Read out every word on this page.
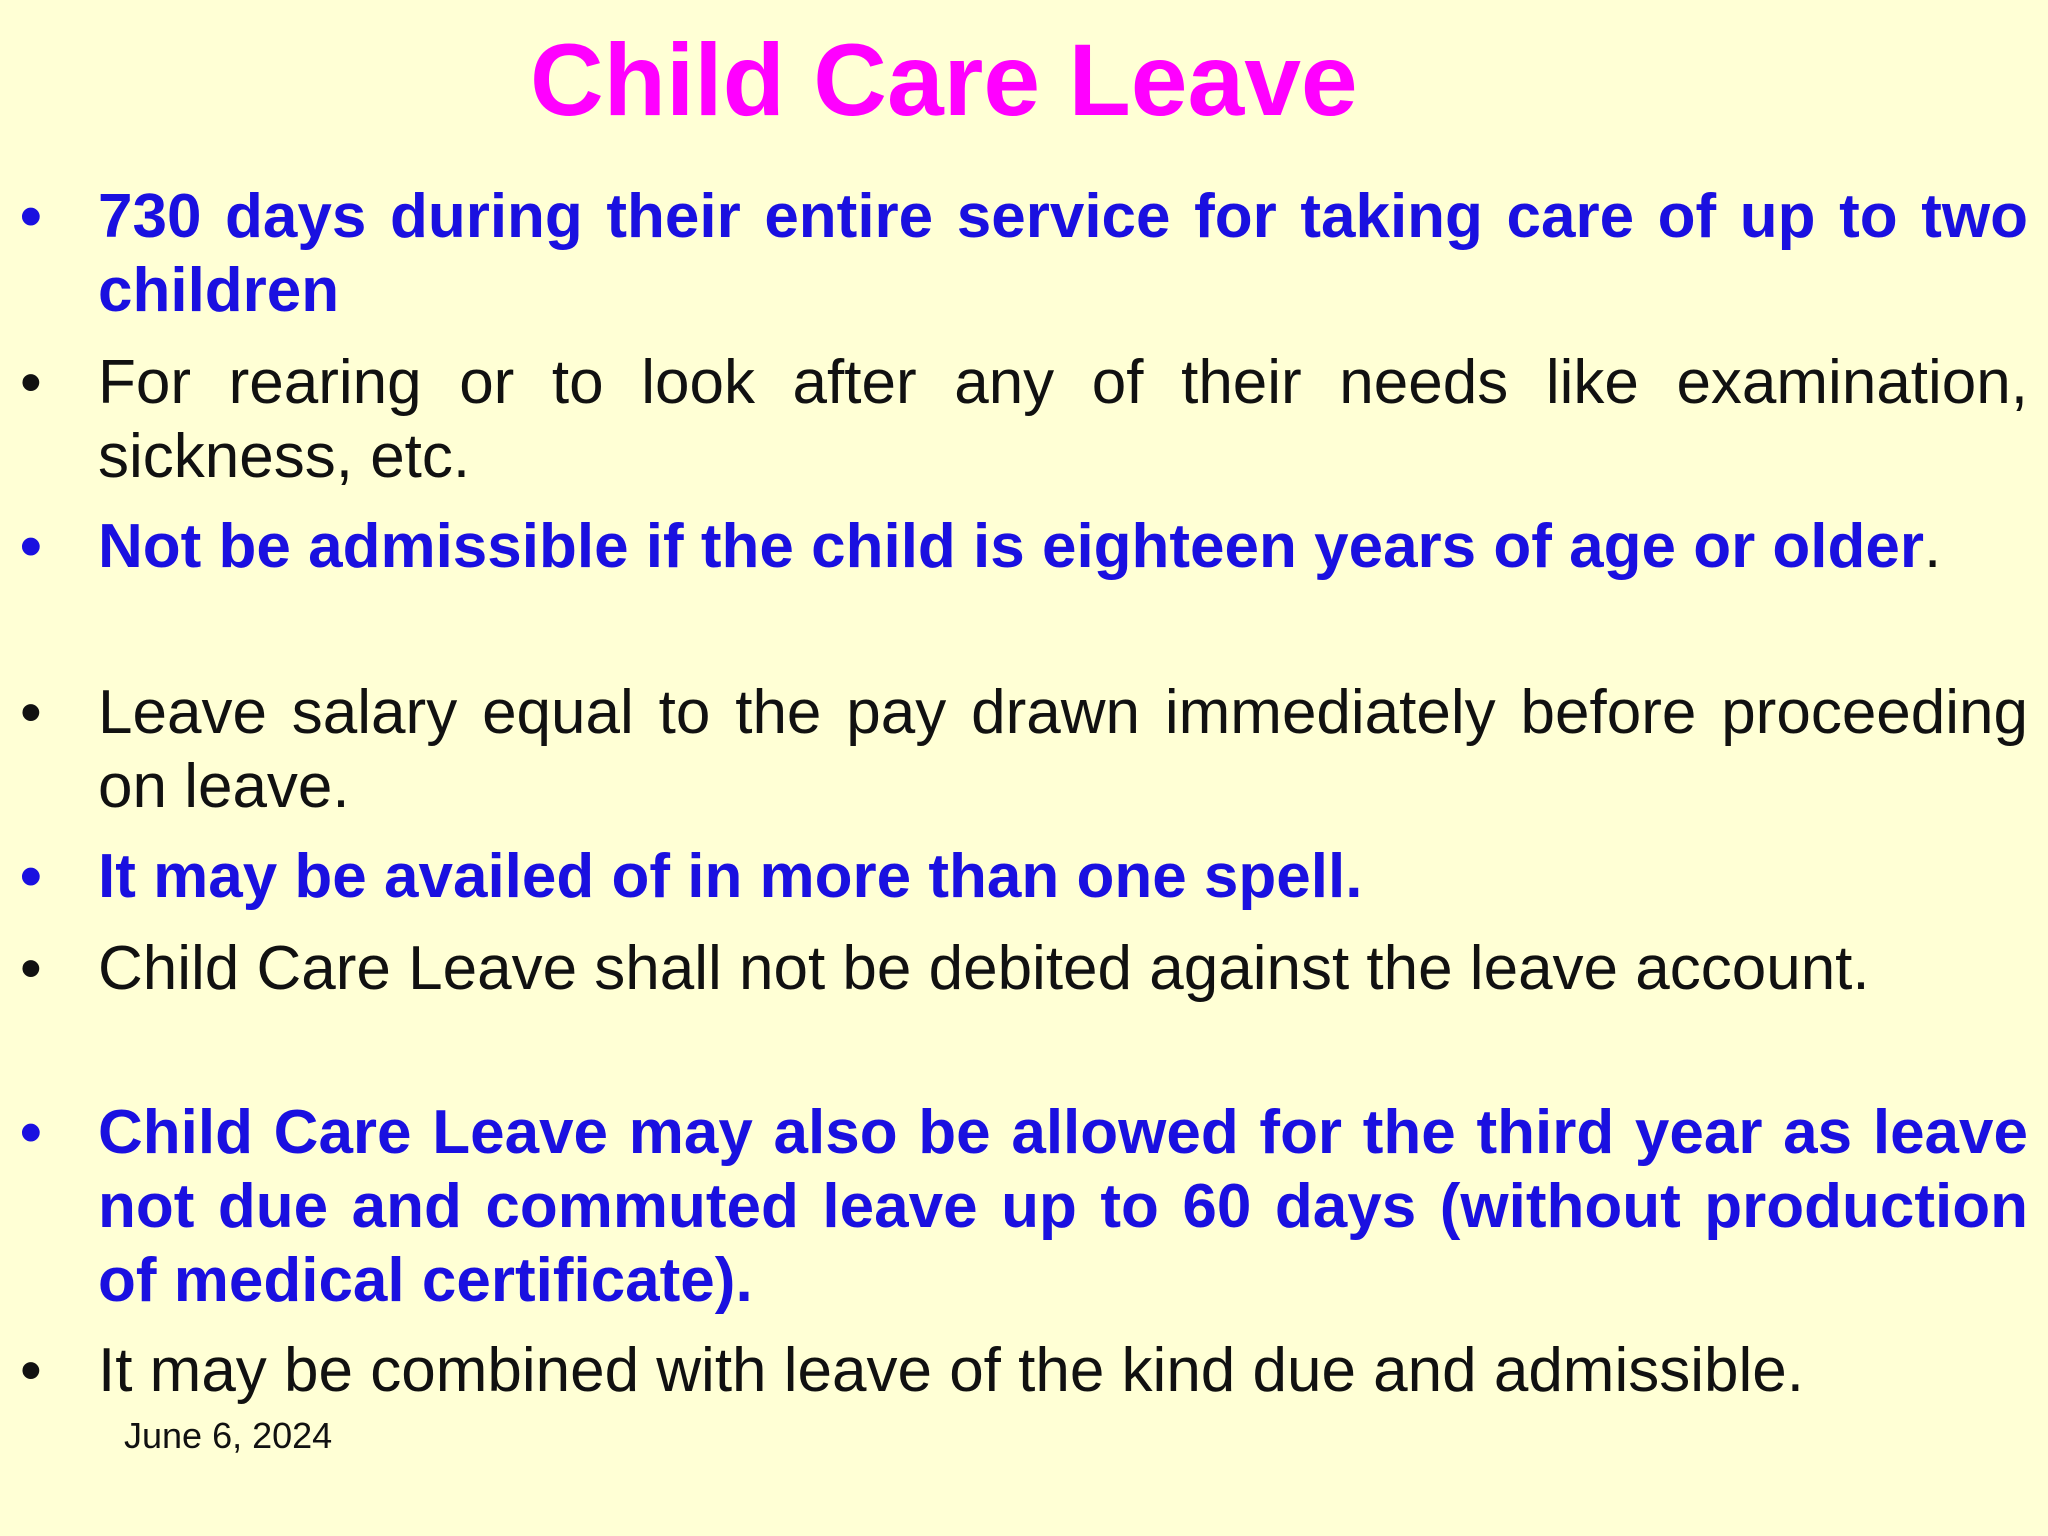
Child Care Leave
• 730 days during their entire service for taking care of up to two children
• For rearing or to look after any of their needs like examination, sickness, etc.
• Not be admissible if the child is eighteen years of age or older.
• Leave salary equal to the pay drawn immediately before proceeding on leave.
• It may be availed of in more than one spell.
• Child Care Leave shall not be debited against the leave account.
• Child Care Leave may also be allowed for the third year as leave not due and commuted leave up to 60 days (without production of medical certificate).
• It may be combined with leave of the kind due and admissible.
June 6, 2024
